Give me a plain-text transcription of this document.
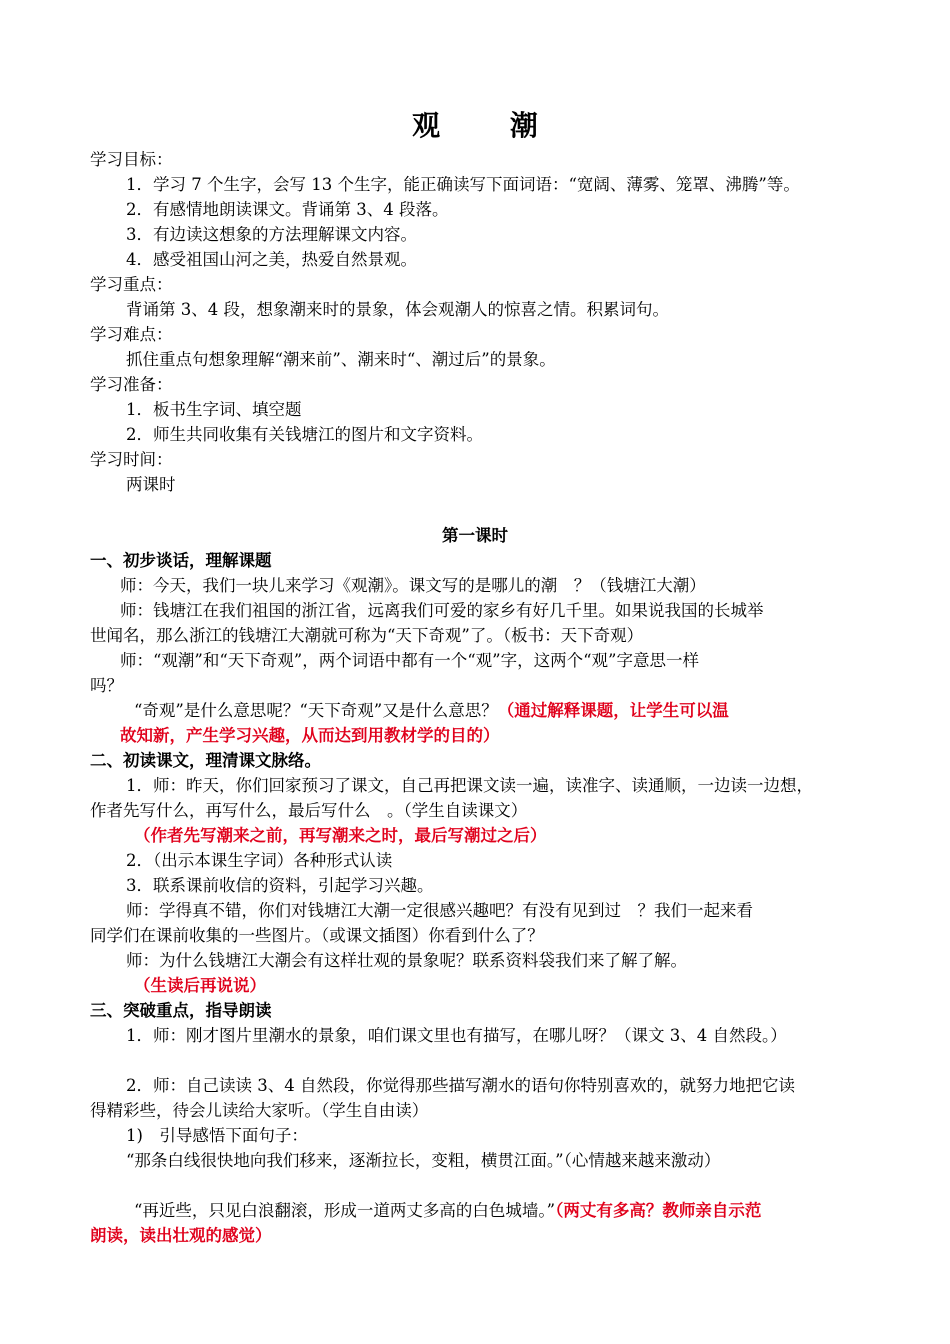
观 潮

学习目标：

1．学习 7 个生字，会写 13 个生字，能正确读写下面词语：“宽阔、薄雾、笼罩、沸腾”等。

2．有感情地朗读课文。背诵第 3、4 段落。

3．有边读这想象的方法理解课文内容。

4．感受祖国山河之美，热爱自然景观。

学习重点：

背诵第 3、4 段，想象潮来时的景象，体会观潮人的惊喜之情。积累词句。

学习难点：

抓住重点句想象理解“潮来前”、潮来时“、潮过后”的景象。

学习准备：

1．板书生字词、填空题

2．师生共同收集有关钱塘江的图片和文字资料。

学习时间：

两课时

第一课时

一、初步谈话，理解课题

师：今天，我们一块儿来学习《观潮》。课文写的是哪儿的潮　？（钱塘江大潮）

师：钱塘江在我们祖国的浙江省，远离我们可爱的家乡有好几千里。如果说我国的长城举

世闻名，那么浙江的钱塘江大潮就可称为“天下奇观”了。（板书：天下奇观）

师：“观潮”和“天下奇观”，两个词语中都有一个“观”字，这两个“观”字意思一样

吗？

“奇观”是什么意思呢？“天下奇观”又是什么意思？（通过解释课题，让学生可以温

故知新，产生学习兴趣，从而达到用教材学的目的）

二、初读课文，理清课文脉络。

1．师：昨天，你们回家预习了课文，自己再把课文读一遍，读准字、读通顺，一边读一边想，

作者先写什么，再写什么，最后写什么　。（学生自读课文）

（作者先写潮来之前，再写潮来之时，最后写潮过之后）

2．（出示本课生字词）各种形式认读

3．联系课前收信的资料，引起学习兴趣。

师：学得真不错，你们对钱塘江大潮一定很感兴趣吧？有没有见到过　？我们一起来看

同学们在课前收集的一些图片。（或课文插图）你看到什么了？

师：为什么钱塘江大潮会有这样壮观的景象呢？联系资料袋我们来了解了解。

（生读后再说说）

三、突破重点，指导朗读

1．师：刚才图片里潮水的景象，咱们课文里也有描写，在哪儿呀？（课文 3、4 自然段。）

2．师：自己读读 3、4 自然段，你觉得那些描写潮水的语句你特别喜欢的，就努力地把它读

得精彩些，待会儿读给大家听。（学生自由读）

1)　引导感悟下面句子：

“那条白线很快地向我们移来，逐渐拉长，变粗，横贯江面。”（心情越来越来激动）

“再近些，只见白浪翻滚，形成一道两丈多高的白色城墙。”（两丈有多高？教师亲自示范

朗读，读出壮观的感觉）
